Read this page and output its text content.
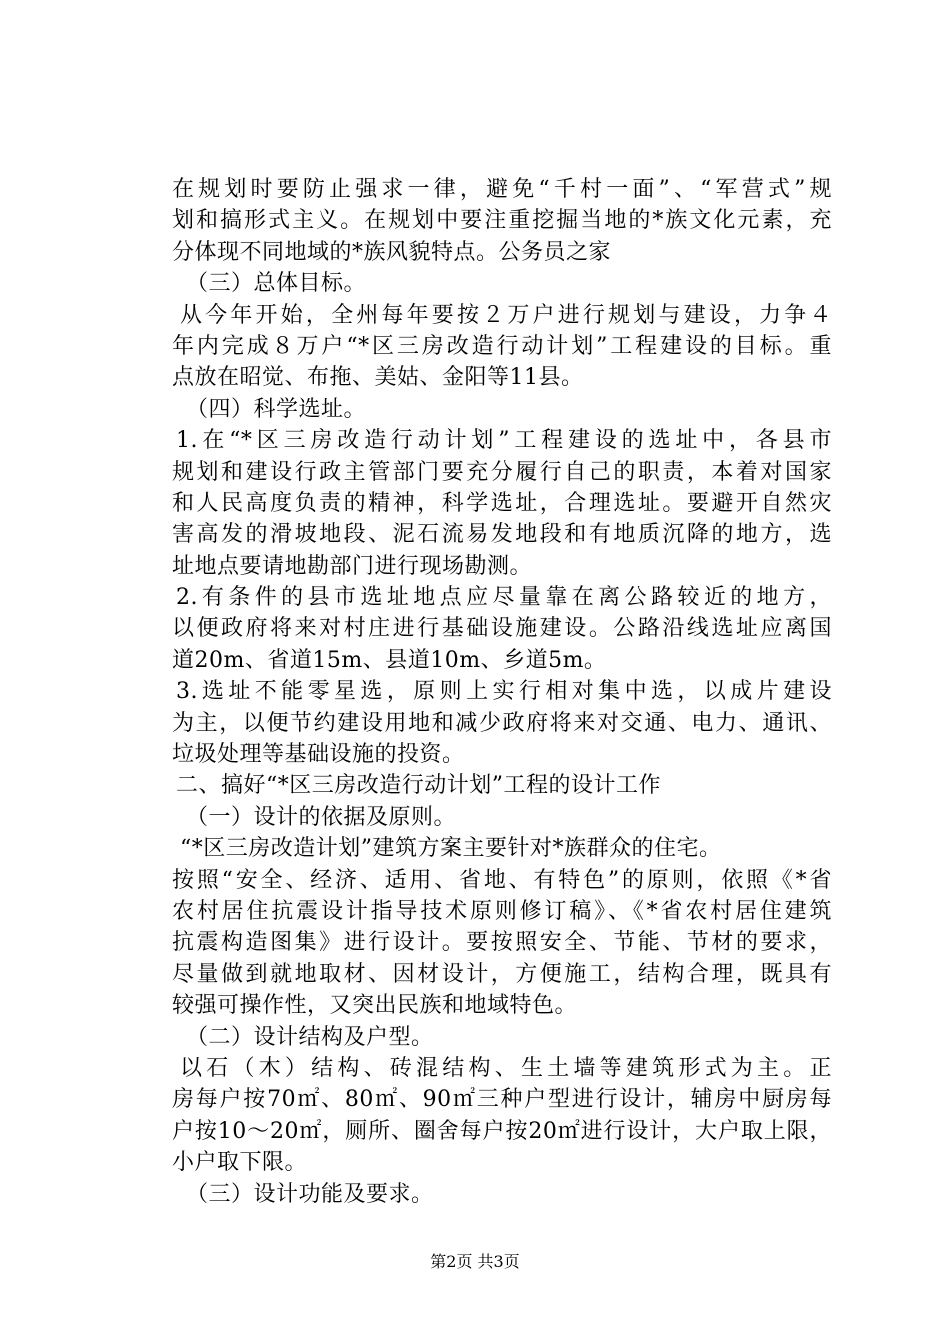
在规划时要防止强求一律，避免“千村一面”、“军营式”规
划和搞形式主义。在规划中要注重挖掘当地的*族文化元素，充
分体现不同地域的*族风貌特点。公务员之家
（三）总体目标。
从今年开始，全州每年要按２万户进行规划与建设，力争４
年内完成８万户“*区三房改造行动计划”工程建设的目标。重
点放在昭觉、布拖、美姑、金阳等11县。
（四）科学选址。
1.在“*区三房改造行动计划”工程建设的选址中，各县市
规划和建设行政主管部门要充分履行自己的职责，本着对国家
和人民高度负责的精神，科学选址，合理选址。要避开自然灾
害高发的滑坡地段、泥石流易发地段和有地质沉降的地方，选
址地点要请地勘部门进行现场勘测。
2.有条件的县市选址地点应尽量靠在离公路较近的地方，
以便政府将来对村庄进行基础设施建设。公路沿线选址应离国
道20m、省道15m、县道10m、乡道5m。
3.选址不能零星选，原则上实行相对集中选，以成片建设
为主，以便节约建设用地和减少政府将来对交通、电力、通讯、
垃圾处理等基础设施的投资。
二、搞好“*区三房改造行动计划”工程的设计工作
（一）设计的依据及原则。
“*区三房改造计划”建筑方案主要针对*族群众的住宅。
按照“安全、经济、适用、省地、有特色”的原则，依照《*省
农村居住抗震设计指导技术原则修订稿》、《*省农村居住建筑
抗震构造图集》进行设计。要按照安全、节能、节材的要求，
尽量做到就地取材、因材设计，方便施工，结构合理，既具有
较强可操作性，又突出民族和地域特色。
（二）设计结构及户型。
以石（木）结构、砖混结构、生土墙等建筑形式为主。正
房每户按70㎡、80㎡、90㎡三种户型进行设计，辅房中厨房每
户按10～20㎡，厕所、圈舍每户按20㎡进行设计，大户取上限，
小户取下限。
（三）设计功能及要求。
第2页 共3页
